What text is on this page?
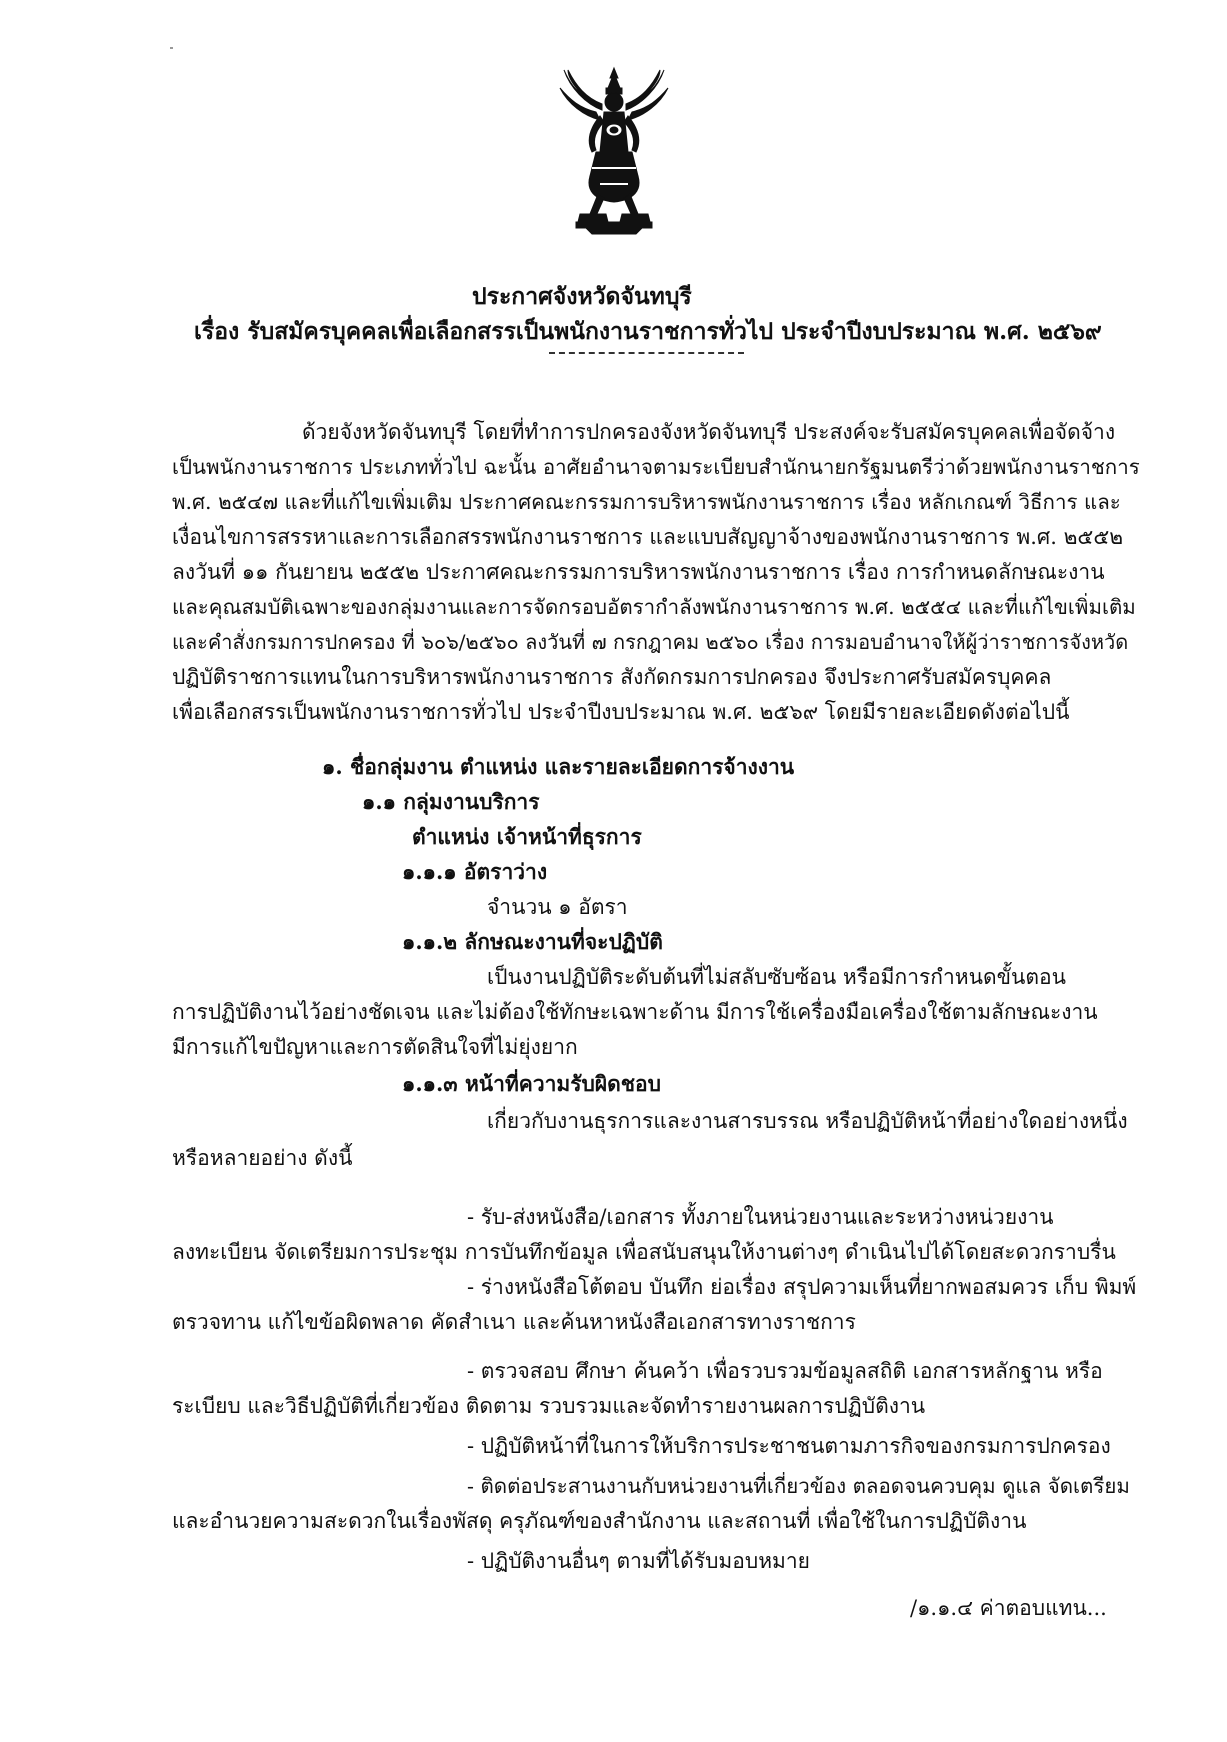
ประกาศจังหวัดจันทบุรี
เรื่อง รับสมัครบุคคลเพื่อเลือกสรรเป็นพนักงานราชการทั่วไป ประจำปีงบประมาณ พ.ศ. ๒๕๖๙
ด้วยจังหวัดจันทบุรี โดยที่ทำการปกครองจังหวัดจันทบุรี ประสงค์จะรับสมัครบุคคลเพื่อจัดจ้าง
เป็นพนักงานราชการ ประเภททั่วไป ฉะนั้น อาศัยอำนาจตามระเบียบสำนักนายกรัฐมนตรีว่าด้วยพนักงานราชการ
พ.ศ. ๒๕๔๗ และที่แก้ไขเพิ่มเติม ประกาศคณะกรรมการบริหารพนักงานราชการ เรื่อง หลักเกณฑ์ วิธีการ และ
เงื่อนไขการสรรหาและการเลือกสรรพนักงานราชการ และแบบสัญญาจ้างของพนักงานราชการ พ.ศ. ๒๕๕๒
ลงวันที่ ๑๑ กันยายน ๒๕๕๒ ประกาศคณะกรรมการบริหารพนักงานราชการ เรื่อง การกำหนดลักษณะงาน
และคุณสมบัติเฉพาะของกลุ่มงานและการจัดกรอบอัตรากำลังพนักงานราชการ พ.ศ. ๒๕๕๔ และที่แก้ไขเพิ่มเติม
และคำสั่งกรมการปกครอง ที่ ๖๐๖/๒๕๖๐ ลงวันที่ ๗ กรกฎาคม ๒๕๖๐ เรื่อง การมอบอำนาจให้ผู้ว่าราชการจังหวัด
ปฏิบัติราชการแทนในการบริหารพนักงานราชการ สังกัดกรมการปกครอง จึงประกาศรับสมัครบุคคล
เพื่อเลือกสรรเป็นพนักงานราชการทั่วไป ประจำปีงบประมาณ พ.ศ. ๒๕๖๙ โดยมีรายละเอียดดังต่อไปนี้
๑. ชื่อกลุ่มงาน ตำแหน่ง และรายละเอียดการจ้างงาน
๑.๑ กลุ่มงานบริการ
ตำแหน่ง เจ้าหน้าที่ธุรการ
๑.๑.๑ อัตราว่าง
จำนวน ๑ อัตรา
๑.๑.๒ ลักษณะงานที่จะปฏิบัติ
เป็นงานปฏิบัติระดับต้นที่ไม่สลับซับซ้อน หรือมีการกำหนดขั้นตอน
การปฏิบัติงานไว้อย่างชัดเจน และไม่ต้องใช้ทักษะเฉพาะด้าน มีการใช้เครื่องมือเครื่องใช้ตามลักษณะงาน
มีการแก้ไขปัญหาและการตัดสินใจที่ไม่ยุ่งยาก
๑.๑.๓ หน้าที่ความรับผิดชอบ
เกี่ยวกับงานธุรการและงานสารบรรณ หรือปฏิบัติหน้าที่อย่างใดอย่างหนึ่ง
หรือหลายอย่าง ดังนี้
- รับ-ส่งหนังสือ/เอกสาร ทั้งภายในหน่วยงานและระหว่างหน่วยงาน
ลงทะเบียน จัดเตรียมการประชุม การบันทึกข้อมูล เพื่อสนับสนุนให้งานต่างๆ ดำเนินไปได้โดยสะดวกราบรื่น
- ร่างหนังสือโต้ตอบ บันทึก ย่อเรื่อง สรุปความเห็นที่ยากพอสมควร เก็บ พิมพ์
ตรวจทาน แก้ไขข้อผิดพลาด คัดสำเนา และค้นหาหนังสือเอกสารทางราชการ
- ตรวจสอบ ศึกษา ค้นคว้า เพื่อรวบรวมข้อมูลสถิติ เอกสารหลักฐาน หรือ
ระเบียบ และวิธีปฏิบัติที่เกี่ยวข้อง ติดตาม รวบรวมและจัดทำรายงานผลการปฏิบัติงาน
- ปฏิบัติหน้าที่ในการให้บริการประชาชนตามภารกิจของกรมการปกครอง
- ติดต่อประสานงานกับหน่วยงานที่เกี่ยวข้อง ตลอดจนควบคุม ดูแล จัดเตรียม
และอำนวยความสะดวกในเรื่องพัสดุ ครุภัณฑ์ของสำนักงาน และสถานที่ เพื่อใช้ในการปฏิบัติงาน
- ปฏิบัติงานอื่นๆ ตามที่ได้รับมอบหมาย
/๑.๑.๔ ค่าตอบแทน...
